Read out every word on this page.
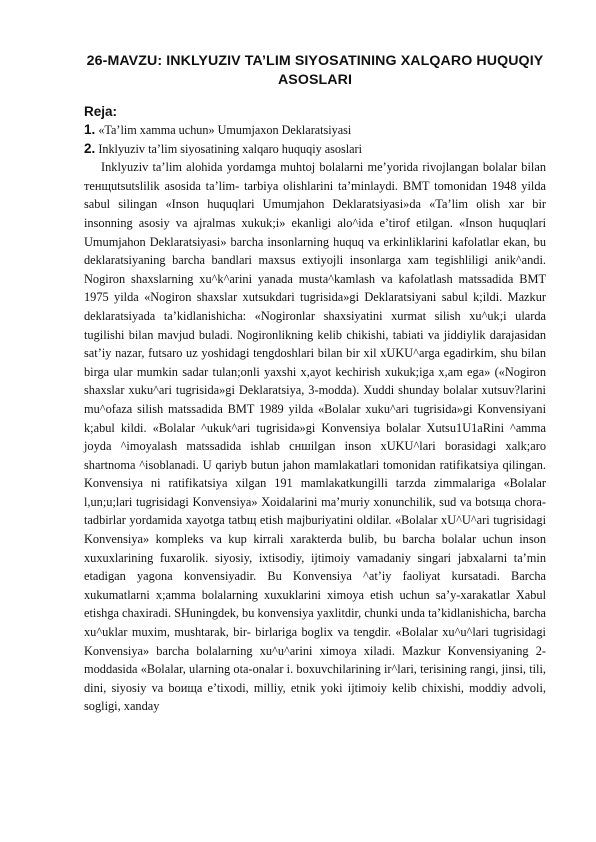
26-MAVZU: INKLYUZIV TA’LIM SIYOSATINING XALQARO HUQUQIY ASOSLARI

Reja:

1. «Ta’lim xamma uchun» Umumjaxon Deklaratsiyasi

2. Inklyuziv ta’lim siyosatining xalqaro huquqiy asoslari

Inklyuziv ta’lim alohida yordamga muhtoj bolalarni me’yorida rivojlangan bolalar bilan тенщutsutslilik asosida ta’lim- tarbiya olishlarini ta’minlaydi. BMT tomonidan 1948 yilda sabul silingan «Inson huquqlari Umumjahon Deklaratsiyasi»da «Ta’lim olish xar bir insonning asosiy va ajralmas xukuk;i» ekanligi alo^ida e’tirof etilgan. «Inson huquqlari Umumjahon Deklaratsiyasi» barcha insonlarning huquq va erkinliklarini kafolatlar ekan, bu deklaratsiyaning barcha bandlari maxsus extiyojli insonlarga xam tegishliligi anik^andi. Nogiron shaxslarning xu^k^arini yanada musta^kamlash va kafolatlash matssadida BMT 1975 yilda «Nogiron shaxslar xutsukdari tugrisida»gi Deklaratsiyani sabul k;ildi. Mazkur deklaratsiyada ta’kidlanishicha: «Nogironlar shaxsiyatini xurmat silish xu^uk;i ularda tugilishi bilan mavjud buladi. Nogironlikning kelib chikishi, tabiati va jiddiylik darajasidan sat’iy nazar, futsaro uz yoshidagi tengdoshlari bilan bir xil xUKU^arga egadirkim, shu bilan birga ular mumkin sadar tulan;onli yaxshi x,ayot kechirish xukuk;iga x,am ega» («Nogiron shaxslar xuku^ari tugrisida»gi Deklaratsiya, 3-modda). Xuddi shunday bolalar xutsuv?larini mu^ofaza silish matssadida BMT 1989 yilda «Bolalar xuku^ari tugrisida»gi Konvensiyani k;abul kildi. «Bolalar ^ukuk^ari tugrisida»gi Konvensiya bolalar Xutsu1U1aRini ^amma joyda ^imoyalash matssadida ishlab сншilgan inson xUKU^lari borasidagi xalk;aro shartnoma ^isoblanadi. U qariyb butun jahon mamlakatlari tomonidan ratifikatsiya qilingan. Konvensiya ni ratifikatsiya xilgan 191 mamlakatkungilli tarzda zimmalariga «Bolalar l,un;u;lari tugrisidagi Konvensiya» Xoidalarini ma’muriy xonunchilik, sud va botsща chora-tadbirlar yordamida xayotga tatbщ etish majburiyatini oldilar. «Bolalar xU^U^ari tugrisidagi Konvensiya» kompleks va kup kirrali xarakterda bulib, bu barcha bolalar uchun inson xuxuxlarining fuxarolik. siyosiy, ixtisodiy, ijtimoiy vamadaniy singari jabxalarni ta’min etadigan yagona konvensiyadir. Bu Konvensiya ^at’iy faoliyat kursatadi. Barcha xukumatlarni x;amma bolalarning xuxuklarini ximoya etish uchun sa’y-xarakatlar Xabul etishga chaxiradi. SHuningdek, bu konvensiya yaxlitdir, chunki unda ta’kidlanishicha, barcha xu^uklar muxim, mushtarak, bir- birlariga boglix va tengdir. «Bolalar xu^u^lari tugrisidagi Konvensiya» barcha bolalarning xu^u^arini ximoya xiladi. Mazkur Konvensiyaning 2-moddasida «Bolalar, ularning ota-onalar i. boxuvchilarining ir^lari, terisining rangi, jinsi, tili, dini, siyosiy va boища e’tixodi, milliy, etnik yoki ijtimoiy kelib chixishi, moddiy advoli, sogligi, xanday
